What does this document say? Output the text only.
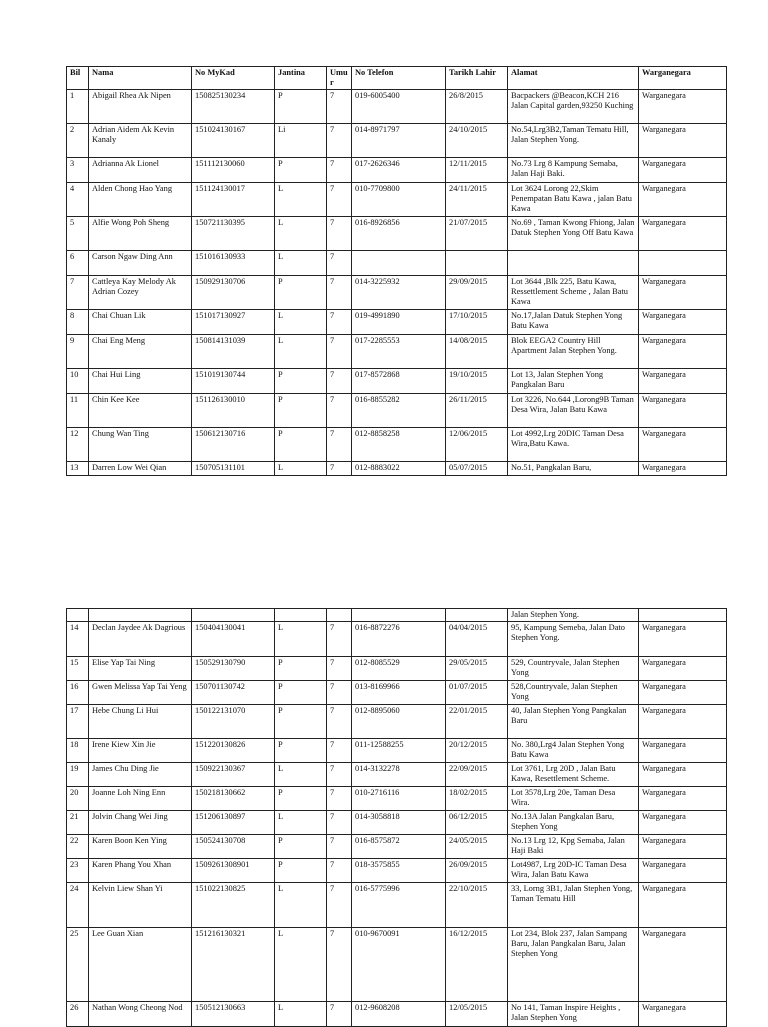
Bil	Nama	No MyKad	Jantina	Umur	No Telefon	Tarikh Lahir	Alamat	Warganegara
1	Abigail Rhea Ak Nipen	150825130234	P	7	019-6005400	26/8/2015	Bacpackers @Beacon,KCH 216 Jalan Capital garden,93250 Kuching	Warganegara
2	Adrian Aidem Ak Kevin Kanaly	151024130167	Li	7	014-8971797	24/10/2015	No.54,Lrg3B2,Taman Tematu Hill, Jalan Stephen Yong.	Warganegara
3	Adrianna Ak Lionel	151112130060	P	7	017-2626346	12/11/2015	No.73 Lrg 8 Kampung Semaba, Jalan Haji Baki.	Warganegara
4	Alden Chong Hao Yang	151124130017	L	7	010-7709800	24/11/2015	Lot 3624 Lorong 22,Skim Penempatan Batu Kawa , jalan Batu Kawa	Warganegara
5	Alfie Wong Poh Sheng	150721130395	L	7	016-8926856	21/07/2015	No.69 , Taman Kwong Fhiong, Jalan Datuk Stephen Yong Off Batu Kawa	Warganegara
6	Carson Ngaw Ding Ann	151016130933	L	7				
7	Cattleya Kay Melody Ak Adrian Cozey	150929130706	P	7	014-3225932	29/09/2015	Lot 3644 ,Blk 225, Batu Kawa, Ressettlement Scheme , Jalan Batu Kawa	Warganegara
8	Chai Chuan Lik	151017130927	L	7	019-4991890	17/10/2015	No.17,Jalan Datuk Stephen Yong Batu Kawa	Warganegara
9	Chai Eng Meng	150814131039	L	7	017-2285553	14/08/2015	Blok EEGA2 Country Hill Apartment Jalan Stephen Yong.	Warganegara
10	Chai Hui Ling	151019130744	P	7	017-8572868	19/10/2015	Lot 13, Jalan Stephen Yong Pangkalan Baru	Warganegara
11	Chin Kee Kee	151126130010	P	7	016-8855282	26/11/2015	Lot 3226, No.644 ,Lorong9B Taman Desa Wira, Jalan Batu Kawa	Warganegara
12	Chung Wan Ting	150612130716	P	7	012-8858258	12/06/2015	Lot 4992,Lrg 20DIC Taman Desa Wira,Batu Kawa.	Warganegara
13	Darren Low Wei Qian	150705131101	L	7	012-8883022	05/07/2015	No.51, Pangkalan Baru,	Warganegara
							Jalan Stephen Yong.	
14	Declan Jaydee Ak Dagrious	150404130041	L	7	016-8872276	04/04/2015	95, Kampung Semeba, Jalan Dato Stephen Yong.	Warganegara
15	Elise Yap Tai Ning	150529130790	P	7	012-8085529	29/05/2015	529, Countryvale, Jalan Stephen Yong	Warganegara
16	Gwen Melissa Yap Tai Yeng	150701130742	P	7	013-8169966	01/07/2015	528,Countryvale, Jalan Stephen Yong	Warganegara
17	Hebe Chung Li Hui	150122131070	P	7	012-8895060	22/01/2015	40, Jalan Stephen Yong Pangkalan Baru	Warganegara
18	Irene Kiew Xin Jie	151220130826	P	7	011-12588255	20/12/2015	No. 380,Lrg4 Jalan Stephen Yong Batu Kawa	Warganegara
19	James Chu Ding Jie	150922130367	L	7	014-3132278	22/09/2015	Lot 3761, Lrg 20D , Jalan Batu Kawa, Resettlement Scheme.	Warganegara
20	Joanne Loh Ning Enn	150218130662	P	7	010-2716116	18/02/2015	Lot 3578,Lrg 20e, Taman Desa Wira.	Warganegara
21	Jolvin Chang Wei Jing	151206130897	L	7	014-3058818	06/12/2015	No.13A Jalan Pangkalan Baru, Stephen Yong	Warganegara
22	Karen Boon Ken Ying	150524130708	P	7	016-8575872	24/05/2015	No.13 Lrg 12, Kpg Semaba, Jalan Haji Baki	Warganegara
23	Karen Phang You Xhan	1509261308901	P	7	018-3575855	26/09/2015	Lot4987, Lrg 20D-IC Taman Desa Wira, Jalan Batu Kawa	Warganegara
24	Kelvin Liew Shan Yi	151022130825	L	7	016-5775996	22/10/2015	33, Lorng 3B1, Jalan Stephen Yong, Taman Tematu Hill	Warganegara
25	Lee Guan Xian	151216130321	L	7	010-9670091	16/12/2015	Lot 234, Blok 237, Jalan Sampang Baru, Jalan Pangkalan Baru, Jalan Stephen Yong	Warganegara
26	Nathan Wong Cheong Nod	150512130663	L	7	012-9608208	12/05/2015	No 141, Taman Inspire Heights , Jalan Stephen Yong	Warganegara
